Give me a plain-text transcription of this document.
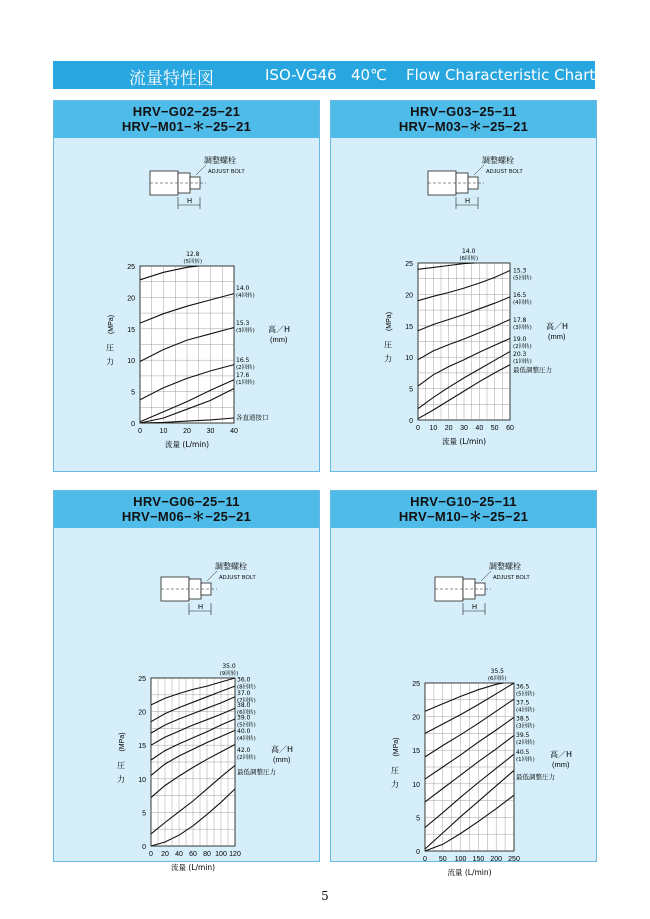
流量特性図	ISO-VG46   40℃    Flow Characteristic Chart
HRV−G02−25−21
HRV−M01−＊−25−21
H
調整螺栓
ADJUST BOLT
0
5
10
15
20
25
0	10 20 30 40
12.8
(5回转)
14.0
(4回转)
15.3
(3回转)
16.5
(2回转)
17.6
(1回转)
各直通接口
(MPa)
圧
力
流量 (L/min)
高／H
(mm)
HRV−G03−25−11
HRV−M03−＊−25−21
H
調整螺栓
ADJUST BOLT
0
5
10
15
20
25
0 10 20 30 40 50 60
14.0
(6回转)
15.3
(5回转)
16.5
(4回转)
17.8
(3回转)
19.0
(2回转)
20.3
(1回转)
最低調整圧力
(MPa)
圧
力
流量 (L/min)
高／H
(mm)
HRV−G06−25−11
HRV−M06−＊−25−21
H
調整螺栓
ADJUST BOLT
0
5
10
15
20
25
0 20 40 60 80 100 120
35.0
(9回转)
36.0
(8回转)
37.0
(7回转)
38.0
(6回转)
39.0
(5回转)
40.0
(4回转)
42.0
(2回转)
最低調整圧力
(MPa)
圧
力
流量 (L/min)
高／H
(mm)
HRV−G10−25−11
HRV−M10−＊−25−21
H
調整螺栓
ADJUST BOLT
0
5
10
15
20
25
0 50 100 150 200 250
35.5
(6回转)
36.5
(5回转)
37.5
(4回转)
38.5
(3回转)
39.5
(2回转)
40.5
(1回转)
最低調整圧力
(MPa)
圧
力
流量 (L/min)
高／H
(mm)
5
